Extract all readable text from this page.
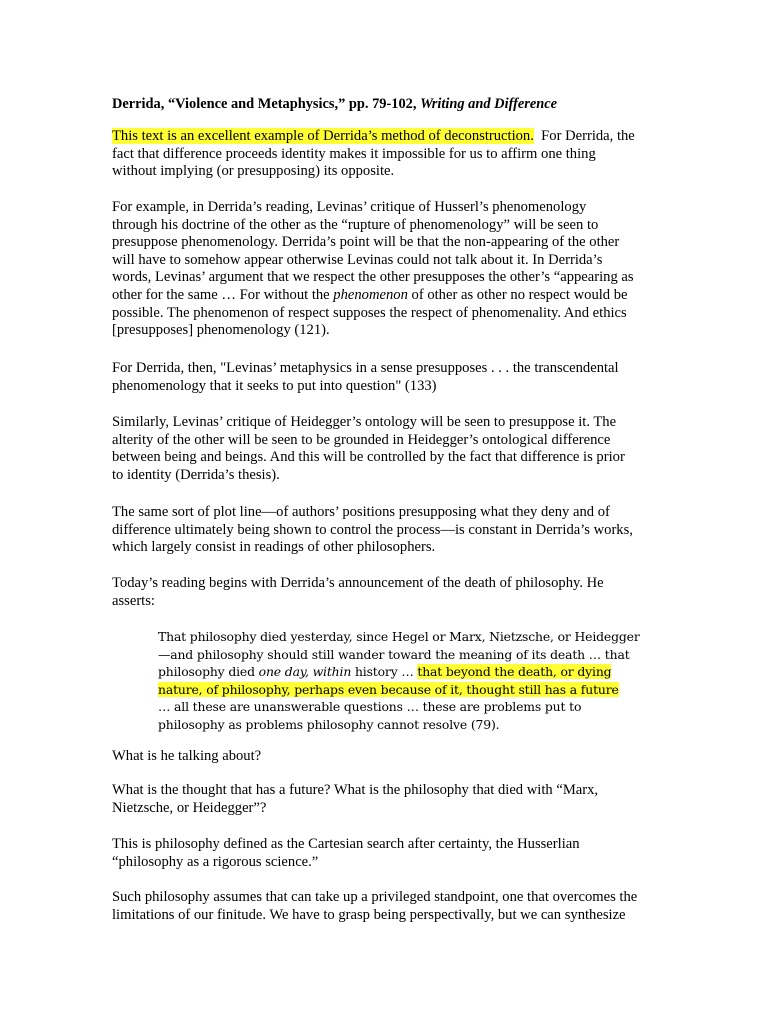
Derrida, “Violence and Metaphysics,” pp. 79-102, Writing and Difference
This text is an excellent example of Derrida’s method of deconstruction.  For Derrida, the
fact that difference proceeds identity makes it impossible for us to affirm one thing
without implying (or presupposing) its opposite.
For example, in Derrida’s reading, Levinas’ critique of Husserl’s phenomenology
through his doctrine of the other as the “rupture of phenomenology” will be seen to
presuppose phenomenology. Derrida’s point will be that the non-appearing of the other
will have to somehow appear otherwise Levinas could not talk about it. In Derrida’s
words, Levinas’ argument that we respect the other presupposes the other’s “appearing as
other for the same … For without the phenomenon of other as other no respect would be
possible. The phenomenon of respect supposes the respect of phenomenality. And ethics
[presupposes] phenomenology (121).
For Derrida, then, "Levinas’ metaphysics in a sense presupposes . . . the transcendental
phenomenology that it seeks to put into question" (133)
Similarly, Levinas’ critique of Heidegger’s ontology will be seen to presuppose it. The
alterity of the other will be seen to be grounded in Heidegger’s ontological difference
between being and beings. And this will be controlled by the fact that difference is prior
to identity (Derrida’s thesis).
The same sort of plot line—of authors’ positions presupposing what they deny and of
difference ultimately being shown to control the process—is constant in Derrida’s works,
which largely consist in readings of other philosophers.
Today’s reading begins with Derrida’s announcement of the death of philosophy. He
asserts:
That philosophy died yesterday, since Hegel or Marx, Nietzsche, or Heidegger
—and philosophy should still wander toward the meaning of its death … that
philosophy died one day, within history … that beyond the death, or dying
nature, of philosophy, perhaps even because of it, thought still has a future
… all these are unanswerable questions … these are problems put to
philosophy as problems philosophy cannot resolve (79).
What is he talking about?
What is the thought that has a future? What is the philosophy that died with “Marx,
Nietzsche, or Heidegger”?
This is philosophy defined as the Cartesian search after certainty, the Husserlian
“philosophy as a rigorous science.”
Such philosophy assumes that can take up a privileged standpoint, one that overcomes the
limitations of our finitude. We have to grasp being perspectivally, but we can synthesize
